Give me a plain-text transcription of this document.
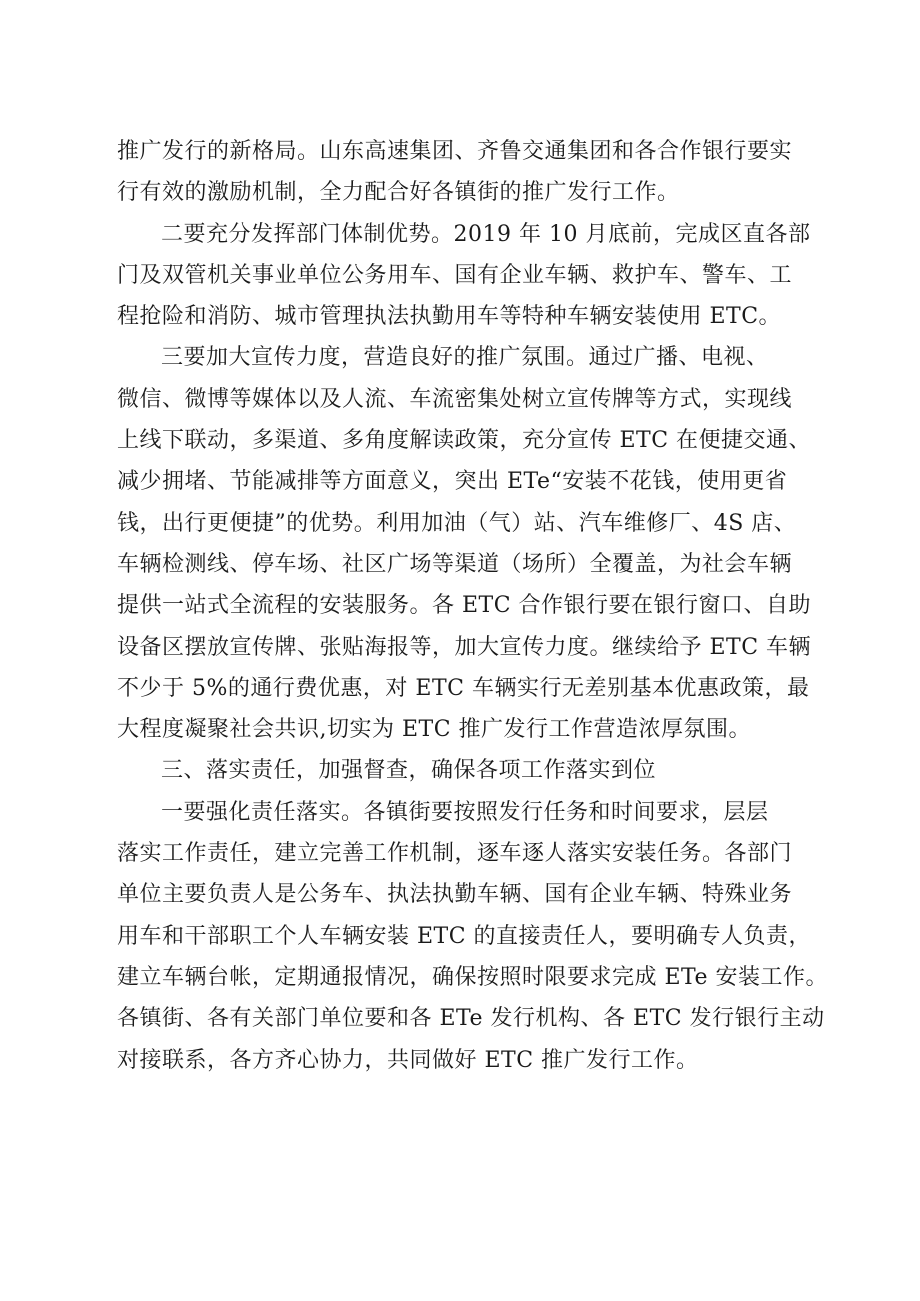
推广发行的新格局。山东高速集团、齐鲁交通集团和各合作银行要实
行有效的激励机制，全力配合好各镇街的推广发行工作。
二要充分发挥部门体制优势。2019 年 10 月底前，完成区直各部
门及双管机关事业单位公务用车、国有企业车辆、救护车、警车、工
程抢险和消防、城市管理执法执勤用车等特种车辆安装使用 ETC。
三要加大宣传力度，营造良好的推广氛围。通过广播、电视、
微信、微博等媒体以及人流、车流密集处树立宣传牌等方式，实现线
上线下联动，多渠道、多角度解读政策，充分宣传 ETC 在便捷交通、
减少拥堵、节能减排等方面意义，突出 ETe“安装不花钱，使用更省
钱，出行更便捷”的优势。利用加油（气）站、汽车维修厂、4S 店、
车辆检测线、停车场、社区广场等渠道（场所）全覆盖，为社会车辆
提供一站式全流程的安装服务。各 ETC 合作银行要在银行窗口、自助
设备区摆放宣传牌、张贴海报等，加大宣传力度。继续给予 ETC 车辆
不少于 5%的通行费优惠，对 ETC 车辆实行无差别基本优惠政策，最
大程度凝聚社会共识,切实为 ETC 推广发行工作营造浓厚氛围。
三、落实责任，加强督查，确保各项工作落实到位
一要强化责任落实。各镇街要按照发行任务和时间要求，层层
落实工作责任，建立完善工作机制，逐车逐人落实安装任务。各部门
单位主要负责人是公务车、执法执勤车辆、国有企业车辆、特殊业务
用车和干部职工个人车辆安装 ETC 的直接责任人，要明确专人负责，
建立车辆台帐，定期通报情况，确保按照时限要求完成 ETe 安装工作。
各镇街、各有关部门单位要和各 ETe 发行机构、各 ETC 发行银行主动
对接联系，各方齐心协力，共同做好 ETC 推广发行工作。
